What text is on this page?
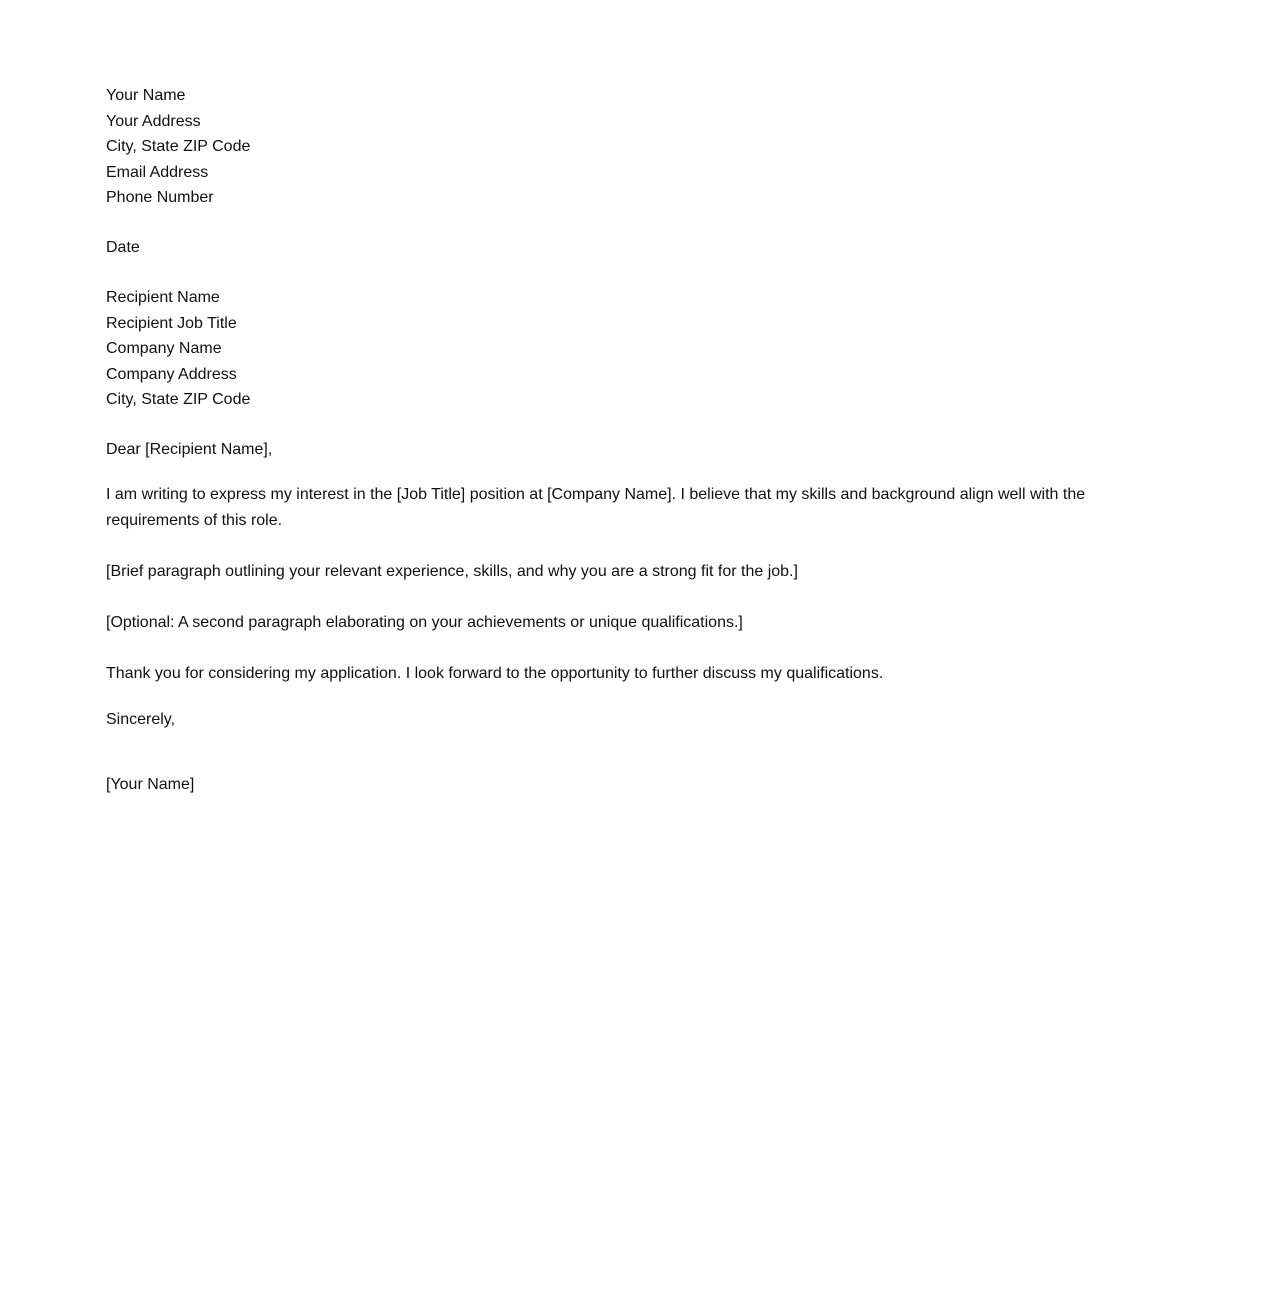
Your Name
Your Address
City, State ZIP Code
Email Address
Phone Number
Date
Recipient Name
Recipient Job Title
Company Name
Company Address
City, State ZIP Code
Dear [Recipient Name],

I am writing to express my interest in the [Job Title] position at [Company Name]. I believe that my skills and background align well with the requirements of this role.

[Brief paragraph outlining your relevant experience, skills, and why you are a strong fit for the job.]

[Optional: A second paragraph elaborating on your achievements or unique qualifications.]

Thank you for considering my application. I look forward to the opportunity to further discuss my qualifications.

Sincerely,
[Your Name]
